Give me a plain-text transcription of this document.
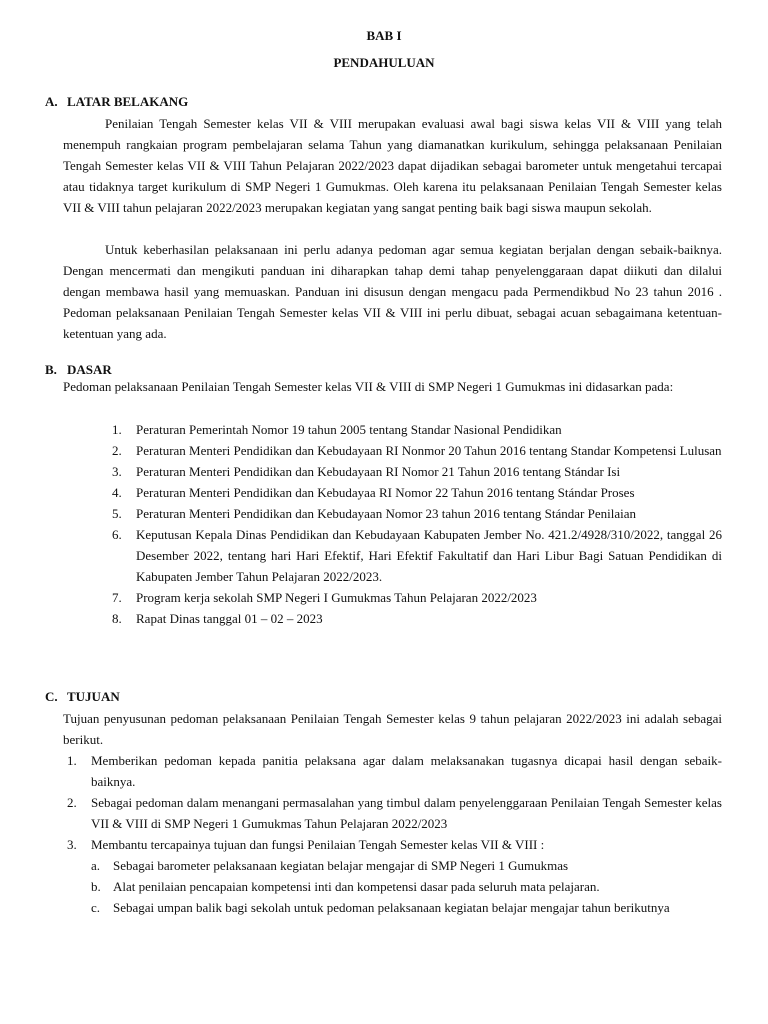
BAB I
PENDAHULUAN
A. LATAR BELAKANG
Penilaian Tengah Semester kelas VII & VIII merupakan evaluasi awal bagi siswa kelas VII & VIII yang telah menempuh rangkaian program pembelajaran selama Tahun yang diamanatkan kurikulum, sehingga pelaksanaan Penilaian Tengah Semester kelas VII & VIII Tahun Pelajaran 2022/2023 dapat dijadikan sebagai barometer untuk mengetahui tercapai atau tidaknya target kurikulum di SMP Negeri 1 Gumukmas. Oleh karena itu pelaksanaan Penilaian Tengah Semester kelas VII & VIII tahun pelajaran 2022/2023 merupakan kegiatan yang sangat penting baik bagi siswa maupun sekolah.
Untuk keberhasilan pelaksanaan ini perlu adanya pedoman agar semua kegiatan berjalan dengan sebaik-baiknya. Dengan mencermati dan mengikuti panduan ini diharapkan tahap demi tahap penyelenggaraan dapat diikuti dan dilalui dengan membawa hasil yang memuaskan. Panduan ini disusun dengan mengacu pada Permendikbud No 23 tahun 2016 . Pedoman pelaksanaan Penilaian Tengah Semester kelas VII & VIII ini perlu dibuat, sebagai acuan sebagaimana ketentuan-ketentuan yang ada.
B. DASAR
Pedoman pelaksanaan Penilaian Tengah Semester kelas VII & VIII di SMP Negeri 1 Gumukmas ini didasarkan pada:
1. Peraturan Pemerintah Nomor 19 tahun 2005 tentang Standar Nasional Pendidikan
2. Peraturan Menteri Pendidikan dan Kebudayaan RI Nonmor 20 Tahun 2016 tentang Standar Kompetensi Lulusan
3. Peraturan Menteri Pendidikan dan Kebudayaan RI Nomor 21 Tahun 2016 tentang Stándar Isi
4. Peraturan Menteri Pendidikan dan Kebudayaa RI Nomor 22 Tahun 2016 tentang Stándar Proses
5. Peraturan Menteri Pendidikan dan Kebudayaan Nomor 23 tahun 2016 tentang Stándar Penilaian
6. Keputusan Kepala Dinas Pendidikan dan Kebudayaan Kabupaten Jember No. 421.2/4928/310/2022, tanggal 26 Desember 2022, tentang hari Hari Efektif, Hari Efektif Fakultatif dan Hari Libur Bagi Satuan Pendidikan di Kabupaten Jember Tahun Pelajaran 2022/2023.
7. Program kerja sekolah SMP Negeri I Gumukmas Tahun Pelajaran 2022/2023
8. Rapat Dinas tanggal 01 – 02 – 2023
C. TUJUAN
Tujuan penyusunan pedoman pelaksanaan Penilaian Tengah Semester kelas 9 tahun pelajaran 2022/2023 ini adalah sebagai berikut.
1. Memberikan pedoman kepada panitia pelaksana agar dalam melaksanakan tugasnya dicapai hasil dengan sebaik-baiknya.
2. Sebagai pedoman dalam menangani permasalahan yang timbul dalam penyelenggaraan Penilaian Tengah Semester kelas VII & VIII di SMP Negeri 1 Gumukmas Tahun Pelajaran 2022/2023
3. Membantu tercapainya tujuan dan fungsi Penilaian Tengah Semester kelas VII & VIII :
a. Sebagai barometer pelaksanaan kegiatan belajar mengajar di SMP Negeri 1 Gumukmas
b. Alat penilaian pencapaian kompetensi inti dan kompetensi dasar pada seluruh mata pelajaran.
c. Sebagai umpan balik bagi sekolah untuk pedoman pelaksanaan kegiatan belajar mengajar tahun berikutnya
